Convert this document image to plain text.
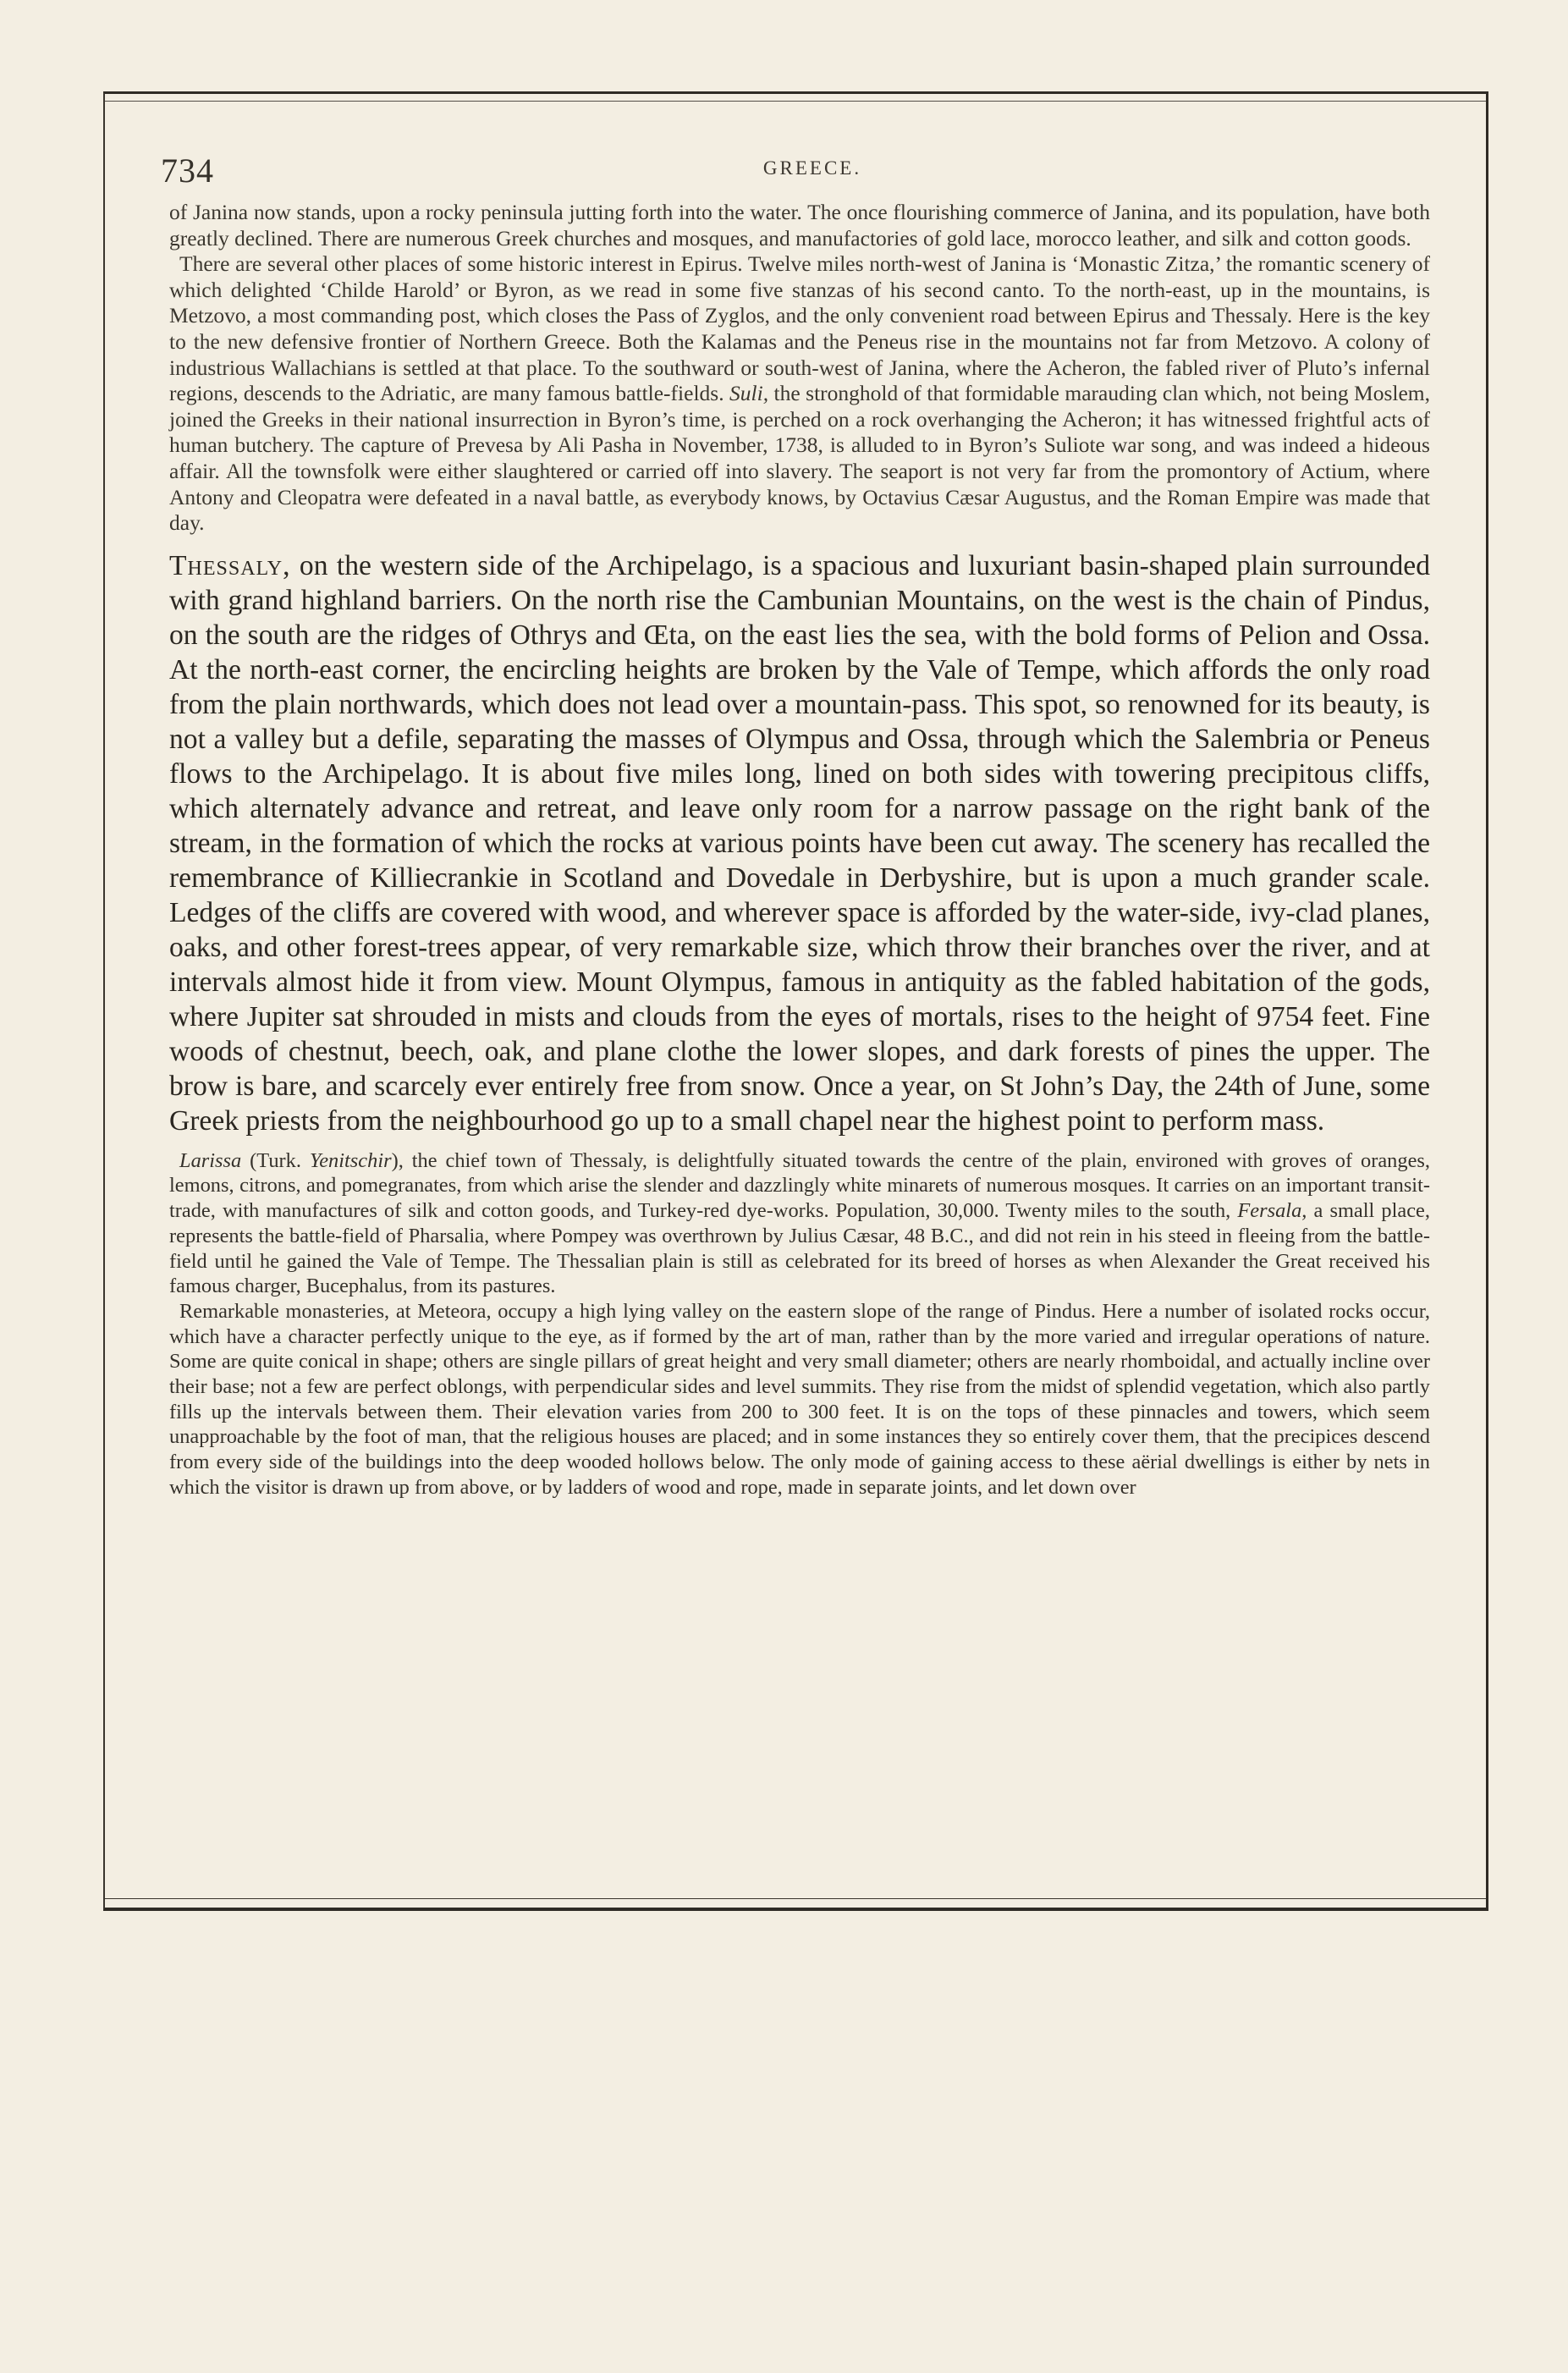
734	GREECE.

of Janina now stands, upon a rocky peninsula jutting forth into the water. The once flourishing commerce of Janina, and its population, have both greatly declined. There are numerous Greek churches and mosques, and manufactories of gold lace, morocco leather, and silk and cotton goods.

There are several other places of some historic interest in Epirus. Twelve miles north-west of Janina is ‘Monastic Zitza,’ the romantic scenery of which delighted ‘Childe Harold’ or Byron, as we read in some five stanzas of his second canto. To the north-east, up in the mountains, is Metzovo, a most commanding post, which closes the Pass of Zyglos, and the only convenient road between Epirus and Thessaly. Here is the key to the new defensive frontier of Northern Greece. Both the Kalamas and the Peneus rise in the mountains not far from Metzovo. A colony of industrious Wallachians is settled at that place. To the southward or south-west of Janina, where the Acheron, the fabled river of Pluto’s infernal regions, descends to the Adriatic, are many famous battle-fields. Suli, the stronghold of that formidable marauding clan which, not being Moslem, joined the Greeks in their national insurrection in Byron’s time, is perched on a rock overhanging the Acheron; it has witnessed frightful acts of human butchery. The capture of Prevesa by Ali Pasha in November, 1738, is alluded to in Byron’s Suliote war song, and was indeed a hideous affair. All the townsfolk were either slaughtered or carried off into slavery. The seaport is not very far from the promontory of Actium, where Antony and Cleopatra were defeated in a naval battle, as everybody knows, by Octavius Cæsar Augustus, and the Roman Empire was made that day.

Thessaly, on the western side of the Archipelago, is a spacious and luxuriant basin-shaped plain surrounded with grand highland barriers. On the north rise the Cambunian Mountains, on the west is the chain of Pindus, on the south are the ridges of Othrys and Œta, on the east lies the sea, with the bold forms of Pelion and Ossa. At the north-east corner, the encircling heights are broken by the Vale of Tempe, which affords the only road from the plain northwards, which does not lead over a mountain-pass. This spot, so renowned for its beauty, is not a valley but a defile, separating the masses of Olympus and Ossa, through which the Salembria or Peneus flows to the Archipelago. It is about five miles long, lined on both sides with towering precipitous cliffs, which alternately advance and retreat, and leave only room for a narrow passage on the right bank of the stream, in the formation of which the rocks at various points have been cut away. The scenery has recalled the remembrance of Killiecrankie in Scotland and Dovedale in Derbyshire, but is upon a much grander scale. Ledges of the cliffs are covered with wood, and wherever space is afforded by the water-side, ivy-clad planes, oaks, and other forest-trees appear, of very remarkable size, which throw their branches over the river, and at intervals almost hide it from view. Mount Olympus, famous in antiquity as the fabled habitation of the gods, where Jupiter sat shrouded in mists and clouds from the eyes of mortals, rises to the height of 9754 feet. Fine woods of chestnut, beech, oak, and plane clothe the lower slopes, and dark forests of pines the upper. The brow is bare, and scarcely ever entirely free from snow. Once a year, on St John’s Day, the 24th of June, some Greek priests from the neighbourhood go up to a small chapel near the highest point to perform mass.

Larissa (Turk. Yenitschir), the chief town of Thessaly, is delightfully situated towards the centre of the plain, environed with groves of oranges, lemons, citrons, and pomegranates, from which arise the slender and dazzlingly white minarets of numerous mosques. It carries on an important transit-trade, with manufactures of silk and cotton goods, and Turkey-red dye-works. Population, 30,000. Twenty miles to the south, Fersala, a small place, represents the battle-field of Pharsalia, where Pompey was overthrown by Julius Cæsar, 48 B.C., and did not rein in his steed in fleeing from the battle-field until he gained the Vale of Tempe. The Thessalian plain is still as celebrated for its breed of horses as when Alexander the Great received his famous charger, Bucephalus, from its pastures.

Remarkable monasteries, at Meteora, occupy a high lying valley on the eastern slope of the range of Pindus. Here a number of isolated rocks occur, which have a character perfectly unique to the eye, as if formed by the art of man, rather than by the more varied and irregular operations of nature. Some are quite conical in shape; others are single pillars of great height and very small diameter; others are nearly rhomboidal, and actually incline over their base; not a few are perfect oblongs, with perpendicular sides and level summits. They rise from the midst of splendid vegetation, which also partly fills up the intervals between them. Their elevation varies from 200 to 300 feet. It is on the tops of these pinnacles and towers, which seem unapproachable by the foot of man, that the religious houses are placed; and in some instances they so entirely cover them, that the precipices descend from every side of the buildings into the deep wooded hollows below. The only mode of gaining access to these aërial dwellings is either by nets in which the visitor is drawn up from above, or by ladders of wood and rope, made in separate joints, and let down over
